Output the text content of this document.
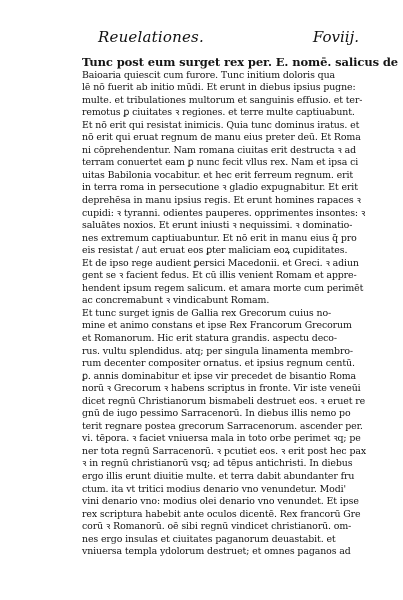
Reuelationes.	Foviij.
Tunc post eum surget rex per. E. nomē. salicus de
Baioaria quiescit cum furore. Tunc initium doloris qua
lē nō fuerit ab initio mūdi. Et erunt in diebus ipsius pugne:
multe. et tribulationes multorum et sanguinis effusio. et ter-
remotus ꝑ ciuitates ꝛ regiones. et terre multe captiuabunt.
Et nō erit qui resistat inimicis. Quia tunc dominus iratus. et
nō erit qui eruat regnum de manu eius preter deū. Et Roma
ni cōprehendentur. Nam romana ciuitas erit destructa ꝛ ad
terram conuertet eam ꝑ nunc fecit vllus rex. Nam et ipsa ci
uitas Babilonia vocabitur. et hec erit ferreum regnum. erit
in terra roma in persecutione ꝛ gladio expugnabitur. Et erit
deprehēsa in manu ipsius regis. Et erunt homines rapaces ꝛ
cupidi: ꝛ tyranni. odientes pauperes. opprimentes insontes: ꝛ
saluātes noxios. Et erunt iniusti ꝛ nequissimi. ꝛ dominatio-
nes extremum captiuabuntur. Et nō erit in manu eius q̄ pro
eis resistat / aut eruat eos ꝑter maliciam eoꝝ cupiditates.
Et de ipso rege audient ꝑersici Macedonii. et Greci. ꝛ adiun
gent se ꝛ facient fedus. Et cū illis venient Romam et appre-
hendent ipsum regem salicum. et amara morte cum perimēt
ac concremabunt ꝛ vindicabunt Romam.
Et tunc surget ignis de Gallia rex Grecorum cuius no-
mine et animo constans et ipse Rex Francorum Grecorum
et Romanorum. Hic erit statura grandis. aspectu deco-
rus. vultu splendidus. atq; per singula linamenta membro-
rum decenter compositer ornatus. et ipsius regnum centū.
ꝑ. annis dominabitur et ipse vir precedet de bisantio Roma
norū ꝛ Grecorum ꝛ habens scriptus in fronte. Vir iste veneūi
dicet regnū Christianorum bismabeli destruet eos. ꝛ eruet re
gnū de iugo pessimo Sarracenorū. In diebus illis nemo po
terit regnare postea grecorum Sarracenorum. ascender per.
vi. tēpora. ꝛ faciet vniuersa mala in toto orbe perimet ꝛq; pe
ner tota regnū Sarracenorū. ꝛ pcutiet eos. ꝛ erit post hec pax
ꝛ in regnū christianorū vsq; ad tēpus antichristi. In diebus
ergo illis erunt diuitie multe. et terra dabit abundanter fru
ctum. ita vt tritici modius denario vno venundetur. Modi'
vini denario vno: modius olei denario vno venundet. Et ipse
rex scriptura habebit ante oculos dicentē. Rex francorū Gre
corū ꝛ Romanorū. oē sibi regnū vindicet christianorū. om-
nes ergo insulas et ciuitates paganorum deuastabit. et
vniuersa templa ydolorum destruet; et omnes paganos ad
